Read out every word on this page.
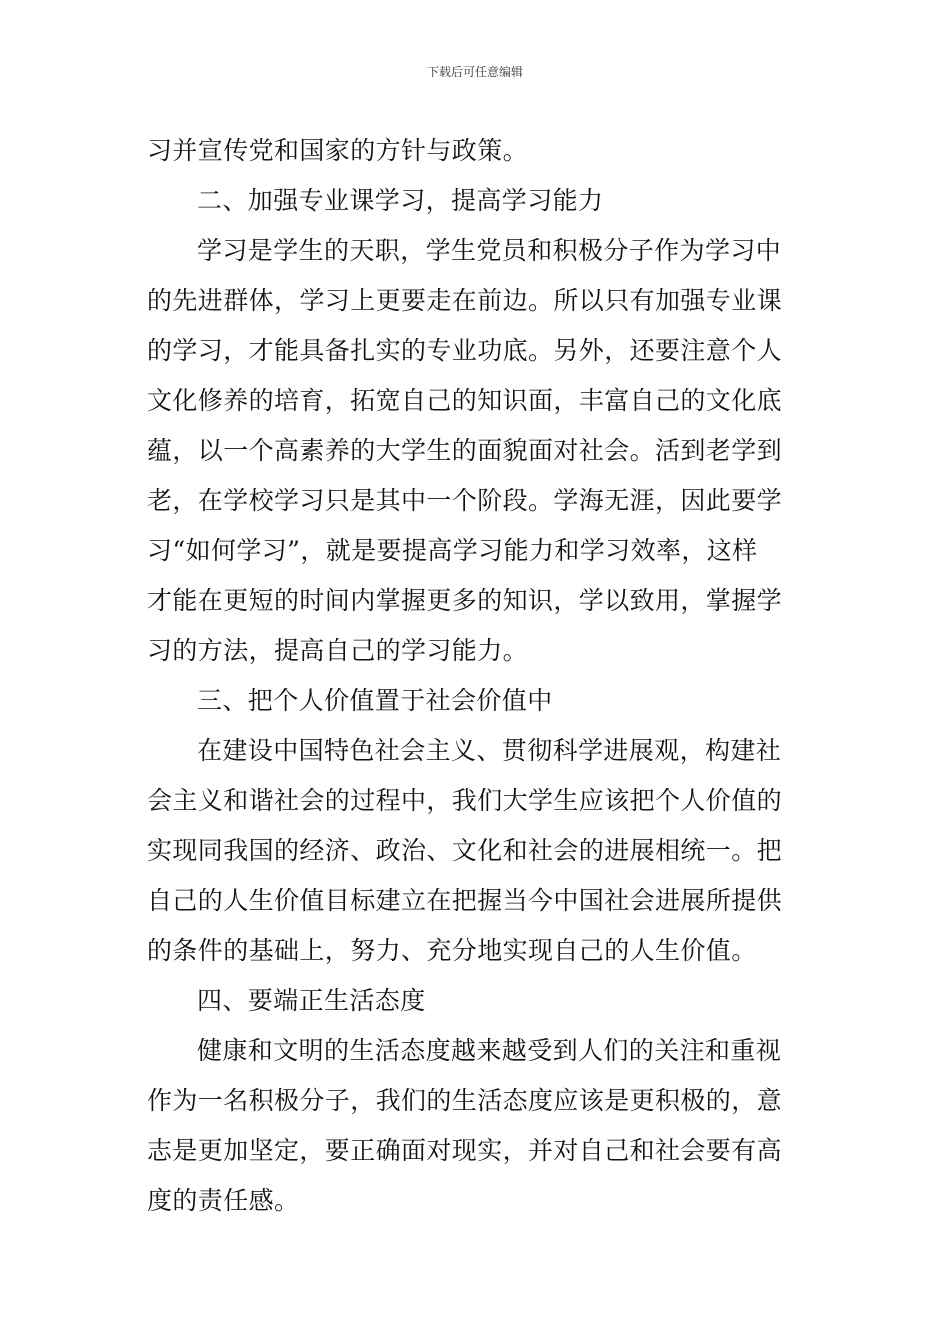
下载后可任意编辑
习并宣传党和国家的方针与政策。
二、加强专业课学习，提高学习能力
学习是学生的天职，学生党员和积极分子作为学习中
的先进群体，学习上更要走在前边。所以只有加强专业课
的学习，才能具备扎实的专业功底。另外，还要注意个人
文化修养的培育，拓宽自己的知识面，丰富自己的文化底
蕴，以一个高素养的大学生的面貌面对社会。活到老学到
老，在学校学习只是其中一个阶段。学海无涯，因此要学
习“如何学习”，就是要提高学习能力和学习效率，这样
才能在更短的时间内掌握更多的知识，学以致用，掌握学
习的方法，提高自己的学习能力。
三、把个人价值置于社会价值中
在建设中国特色社会主义、贯彻科学进展观，构建社
会主义和谐社会的过程中，我们大学生应该把个人价值的
实现同我国的经济、政治、文化和社会的进展相统一。把
自己的人生价值目标建立在把握当今中国社会进展所提供
的条件的基础上，努力、充分地实现自己的人生价值。
四、要端正生活态度
健康和文明的生活态度越来越受到人们的关注和重视
作为一名积极分子，我们的生活态度应该是更积极的，意
志是更加坚定，要正确面对现实，并对自己和社会要有高
度的责任感。
